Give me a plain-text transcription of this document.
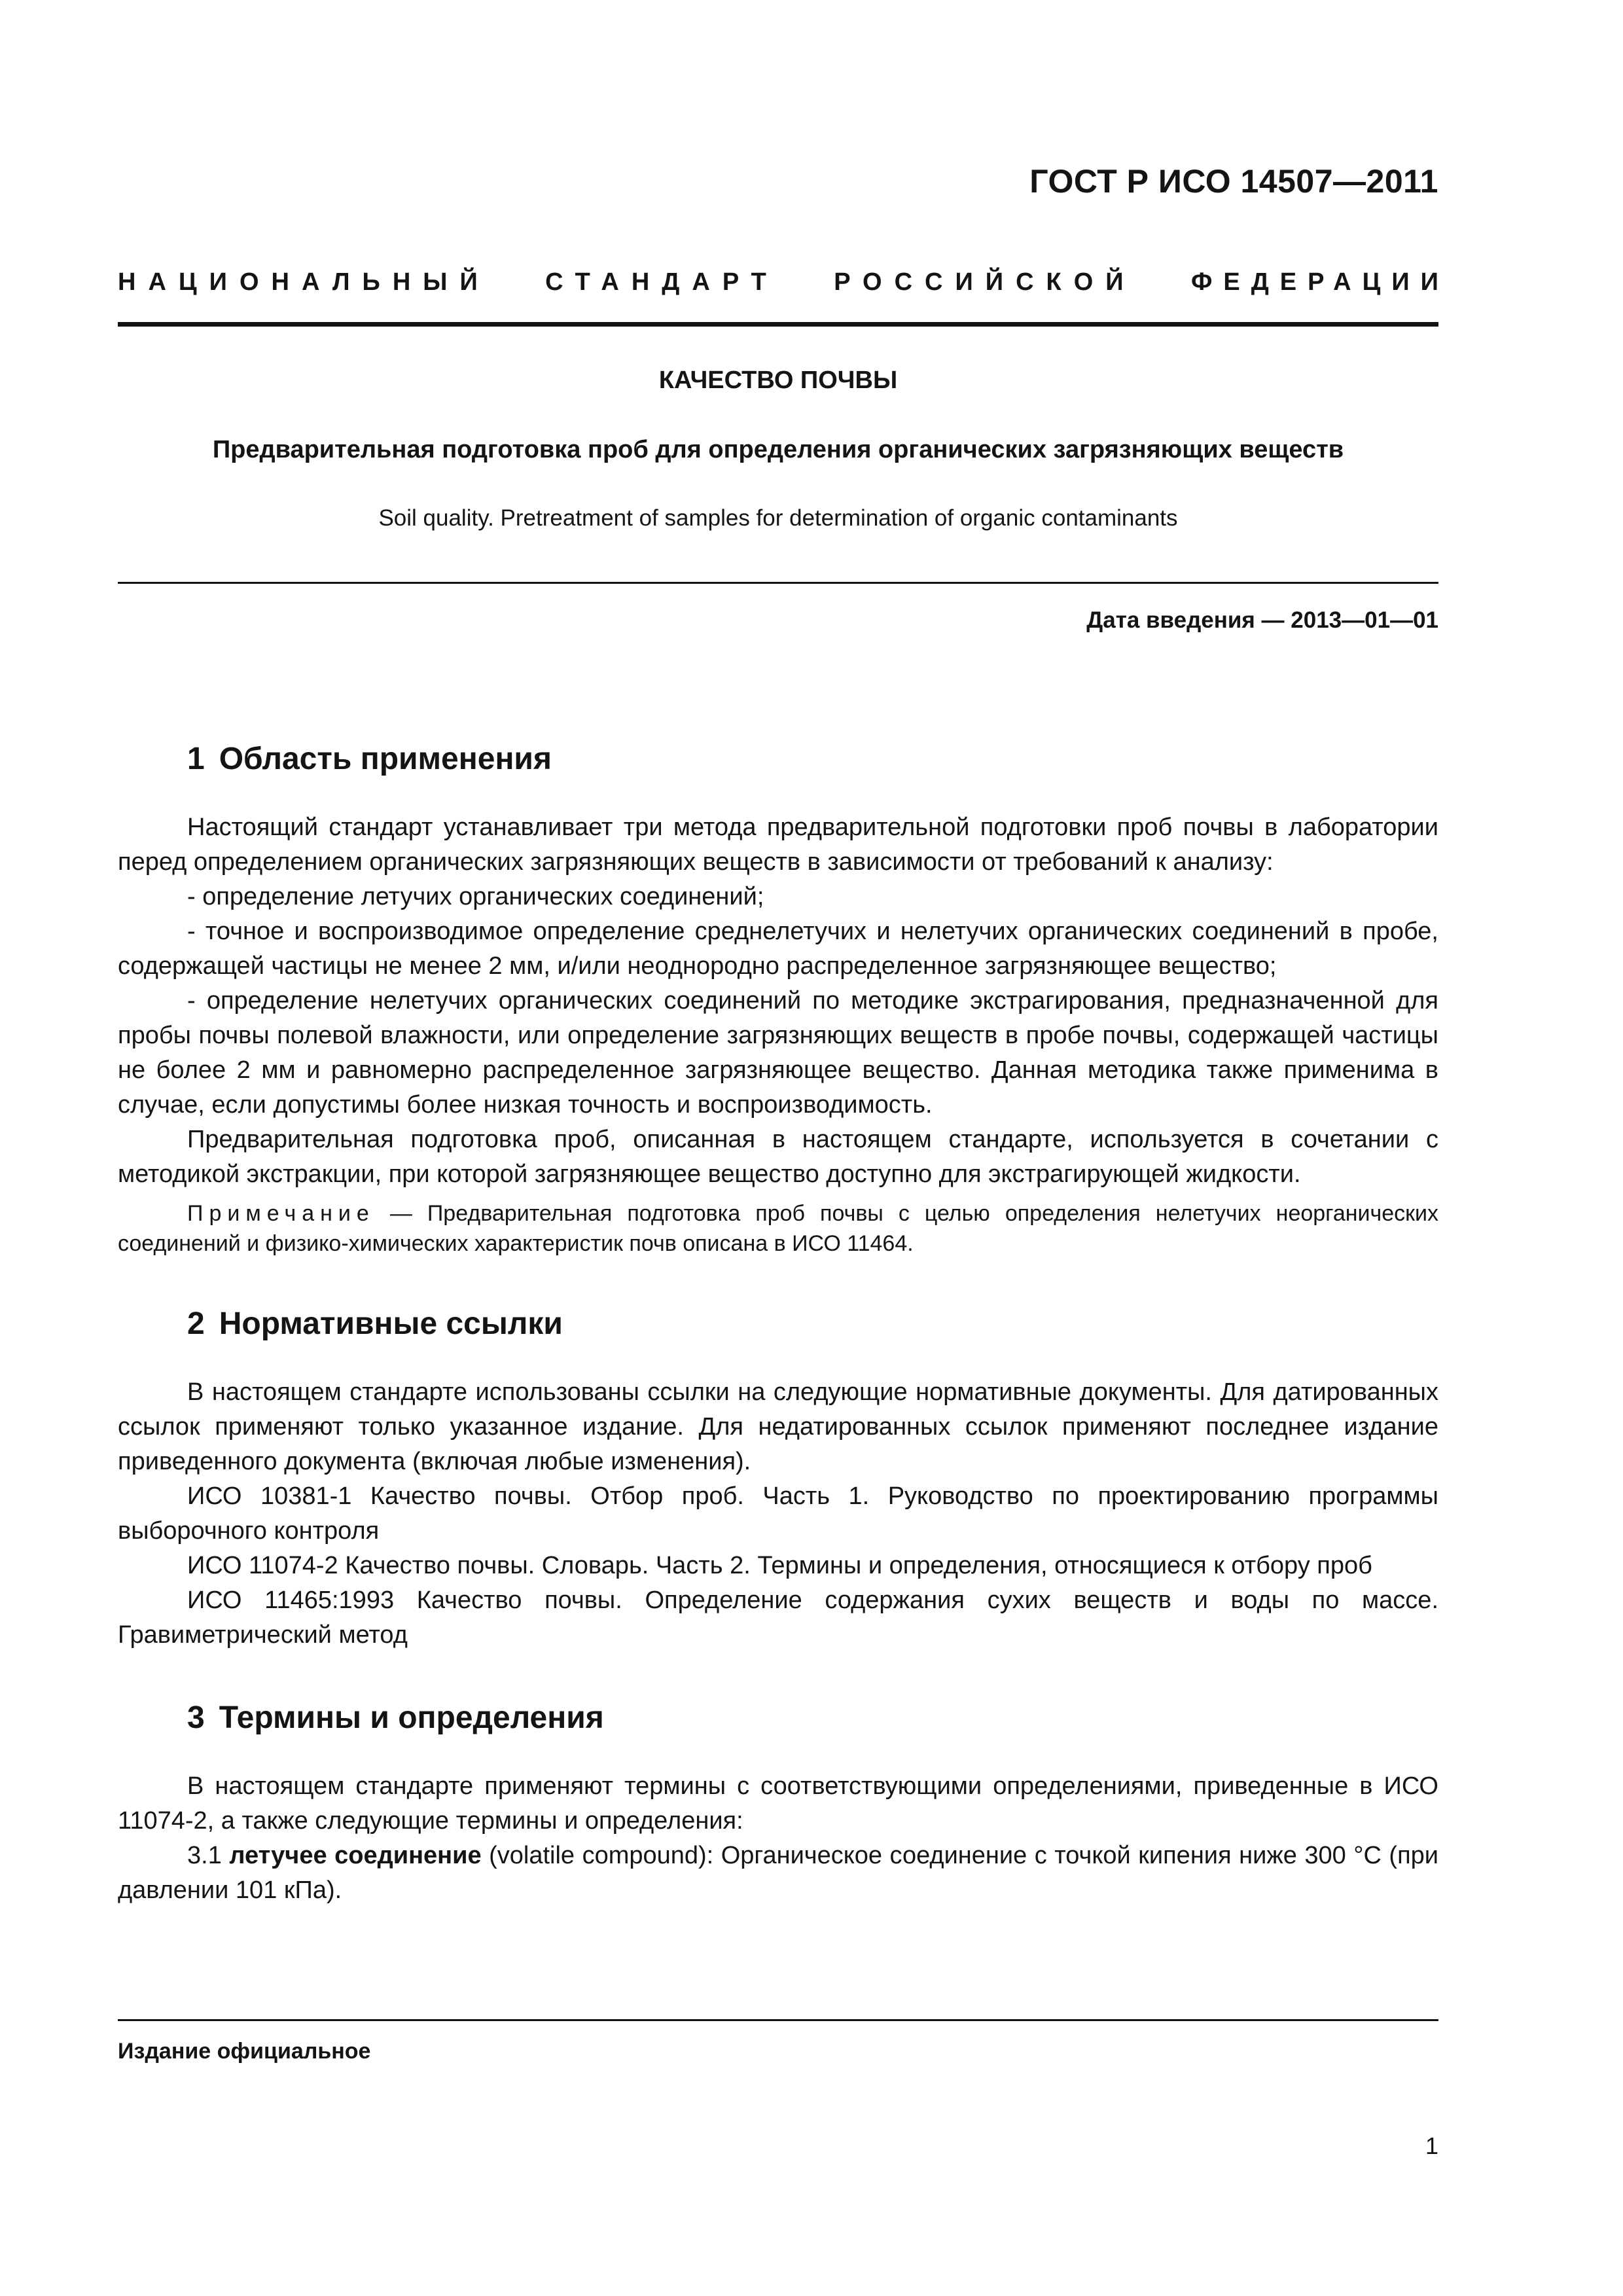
ГОСТ Р ИСО 14507—2011
НАЦИОНАЛЬНЫЙ СТАНДАРТ РОССИЙСКОЙ ФЕДЕРАЦИИ
КАЧЕСТВО ПОЧВЫ
Предварительная подготовка проб для определения органических загрязняющих веществ
Soil quality. Pretreatment of samples for determination of organic contaminants
Дата введения — 2013—01—01
1 Область применения

Настоящий стандарт устанавливает три метода предварительной подготовки проб почвы в лаборатории перед определением органических загрязняющих веществ в зависимости от требований к анализу:

- определение летучих органических соединений;

- точное и воспроизводимое определение среднелетучих и нелетучих органических соединений в пробе, содержащей частицы не менее 2 мм, и/или неоднородно распределенное загрязняющее вещество;

- определение нелетучих органических соединений по методике экстрагирования, предназначенной для пробы почвы полевой влажности, или определение загрязняющих веществ в пробе почвы, содержащей частицы не более 2 мм и равномерно распределенное загрязняющее вещество. Данная методика также применима в случае, если допустимы более низкая точность и воспроизводимость.

Предварительная подготовка проб, описанная в настоящем стандарте, используется в сочетании с методикой экстракции, при которой загрязняющее вещество доступно для экстрагирующей жидкости.

Примечание — Предварительная подготовка проб почвы с целью определения нелетучих неорганических соединений и физико-химических характеристик почв описана в ИСО 11464.

2 Нормативные ссылки

В настоящем стандарте использованы ссылки на следующие нормативные документы. Для датированных ссылок применяют только указанное издание. Для недатированных ссылок применяют последнее издание приведенного документа (включая любые изменения).

ИСО 10381-1 Качество почвы. Отбор проб. Часть 1. Руководство по проектированию программы выборочного контроля

ИСО 11074-2 Качество почвы. Словарь. Часть 2. Термины и определения, относящиеся к отбору проб

ИСО 11465:1993 Качество почвы. Определение содержания сухих веществ и воды по массе. Гравиметрический метод

3 Термины и определения

В настоящем стандарте применяют термины с соответствующими определениями, приведенные в ИСО 11074-2, а также следующие термины и определения:

3.1 летучее соединение (volatile compound): Органическое соединение с точкой кипения ниже 300 °С (при давлении 101 кПа).

Издание официальное
1
